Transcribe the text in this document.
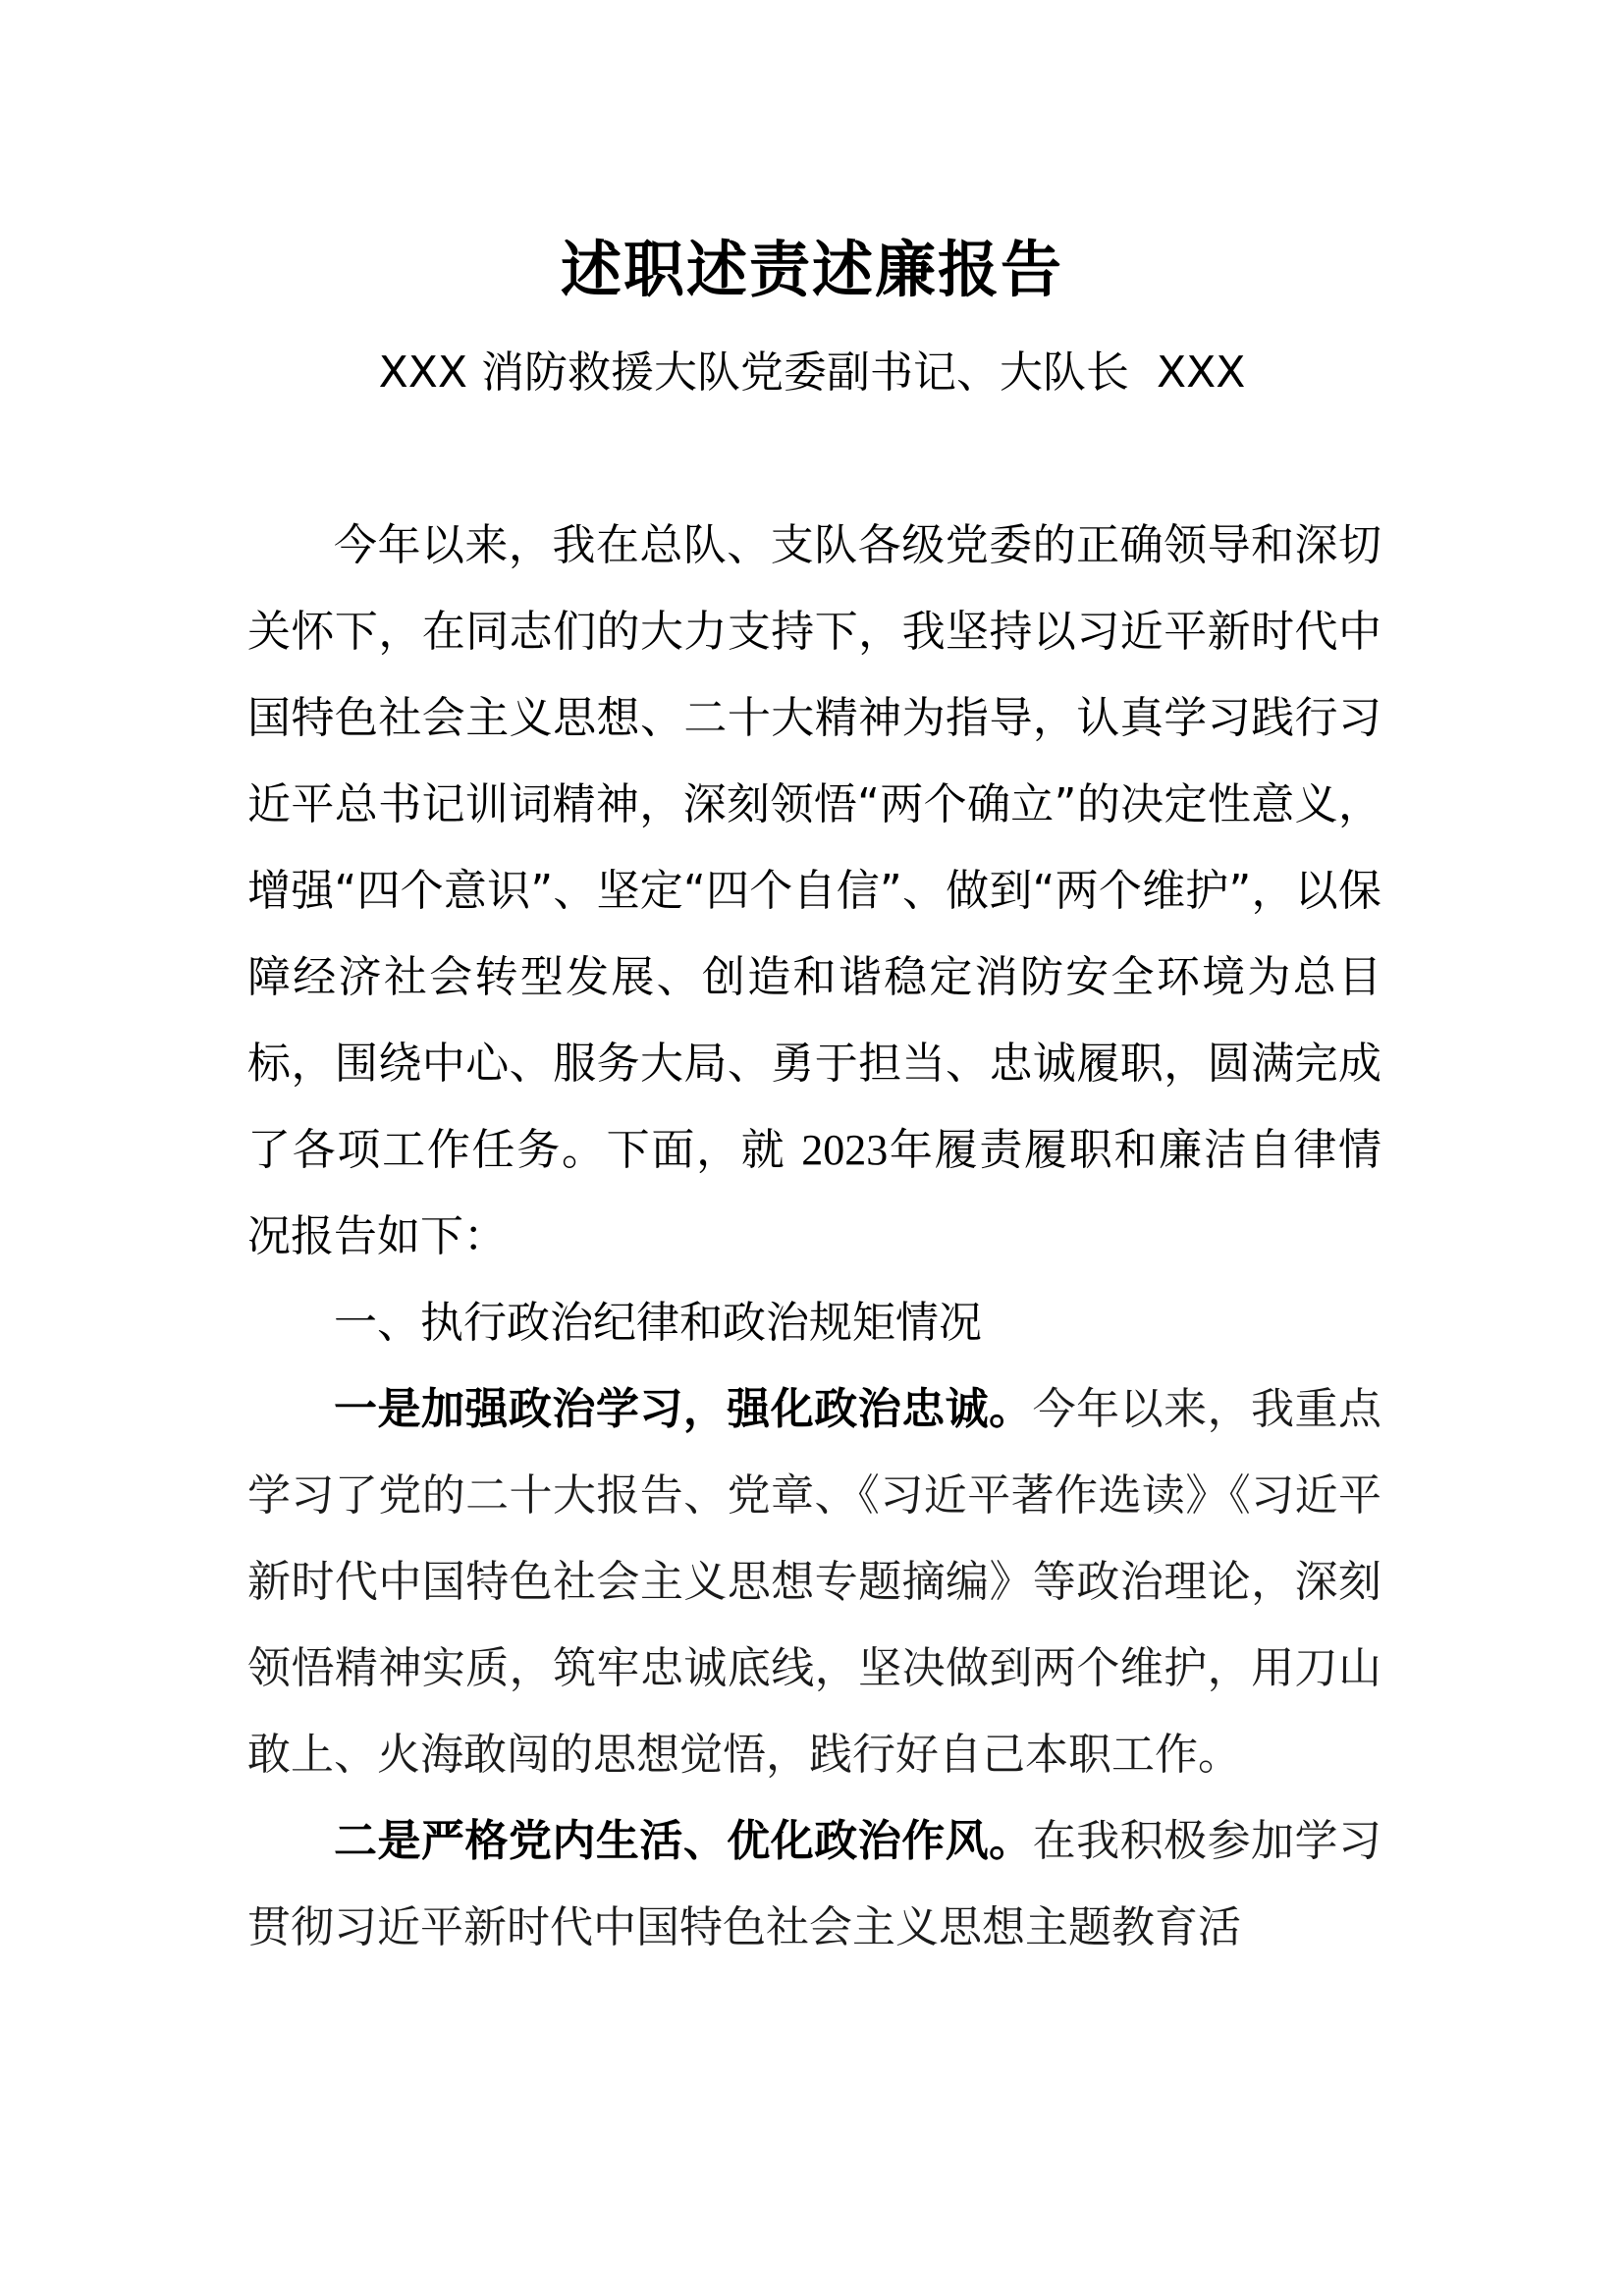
述职述责述廉报告
XXX 消防救援大队党委副书记、大队长  XXX

今年以来，我在总队、支队各级党委的正确领导和深切关怀下，在同志们的大力支持下，我坚持以习近平新时代中国特色社会主义思想、二十大精神为指导，认真学习践行习近平总书记训词精神，深刻领悟“两个确立”的决定性意义，增强“四个意识”、坚定“四个自信”、做到“两个维护”，以保障经济社会转型发展、创造和谐稳定消防安全环境为总目标，围绕中心、服务大局、勇于担当、忠诚履职，圆满完成了各项工作任务。下面，就 2023年履责履职和廉洁自律情况报告如下：

一、执行政治纪律和政治规矩情况

一是加强政治学习，强化政治忠诚。今年以来，我重点学习了党的二十大报告、党章、《习近平著作选读》《习近平新时代中国特色社会主义思想专题摘编》等政治理论，深刻领悟精神实质，筑牢忠诚底线，坚决做到两个维护，用刀山敢上、火海敢闯的思想觉悟，践行好自己本职工作。

二是严格党内生活、优化政治作风。在我积极参加学习贯彻习近平新时代中国特色社会主义思想主题教育活
